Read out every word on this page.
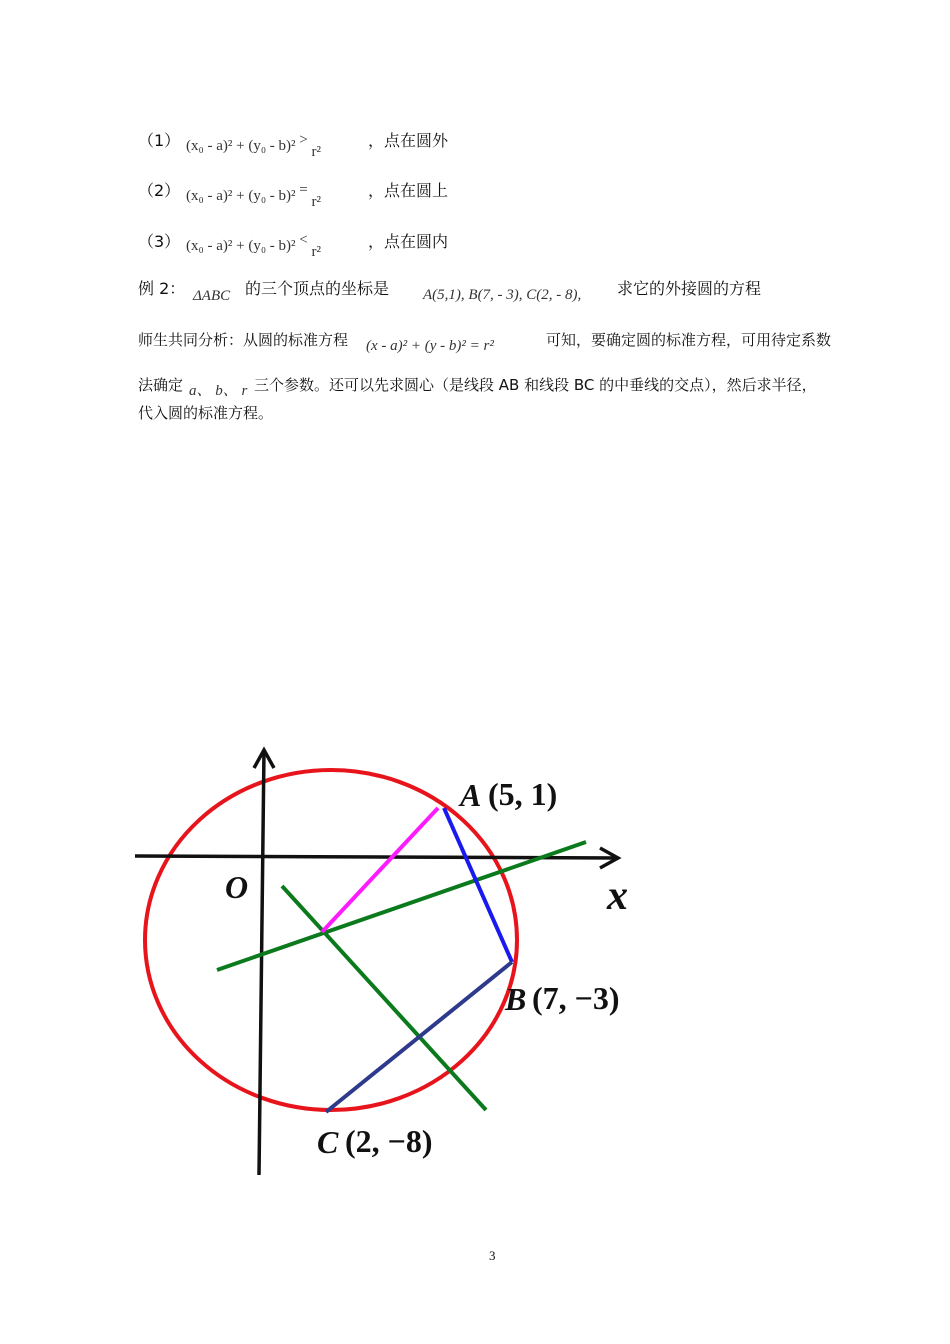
（1） (x₀ - a)² + (y₀ - b)² > r²
，点在圆外
（2） (x₀ - a)² + (y₀ - b)² = r²
，点在圆上
（3） (x₀ - a)² + (y₀ - b)² < r²
，点在圆内
例 2： ΔABC 的三个顶点的坐标是 A(5,1), B(7, - 3), C(2, - 8), 求它的外接圆的方程
师生共同分析：从圆的标准方程 (x - a)² + (y - b)² = r²	可知，要确定圆的标准方程，可用待定系数
法确定 a、 b、 r 三个参数。还可以先求圆心（是线段 AB 和线段 BC 的中垂线的交点），然后求半径，
代入圆的标准方程。
A (5, 1)
B (7, −3)
C (2, −8)
O	x
3
